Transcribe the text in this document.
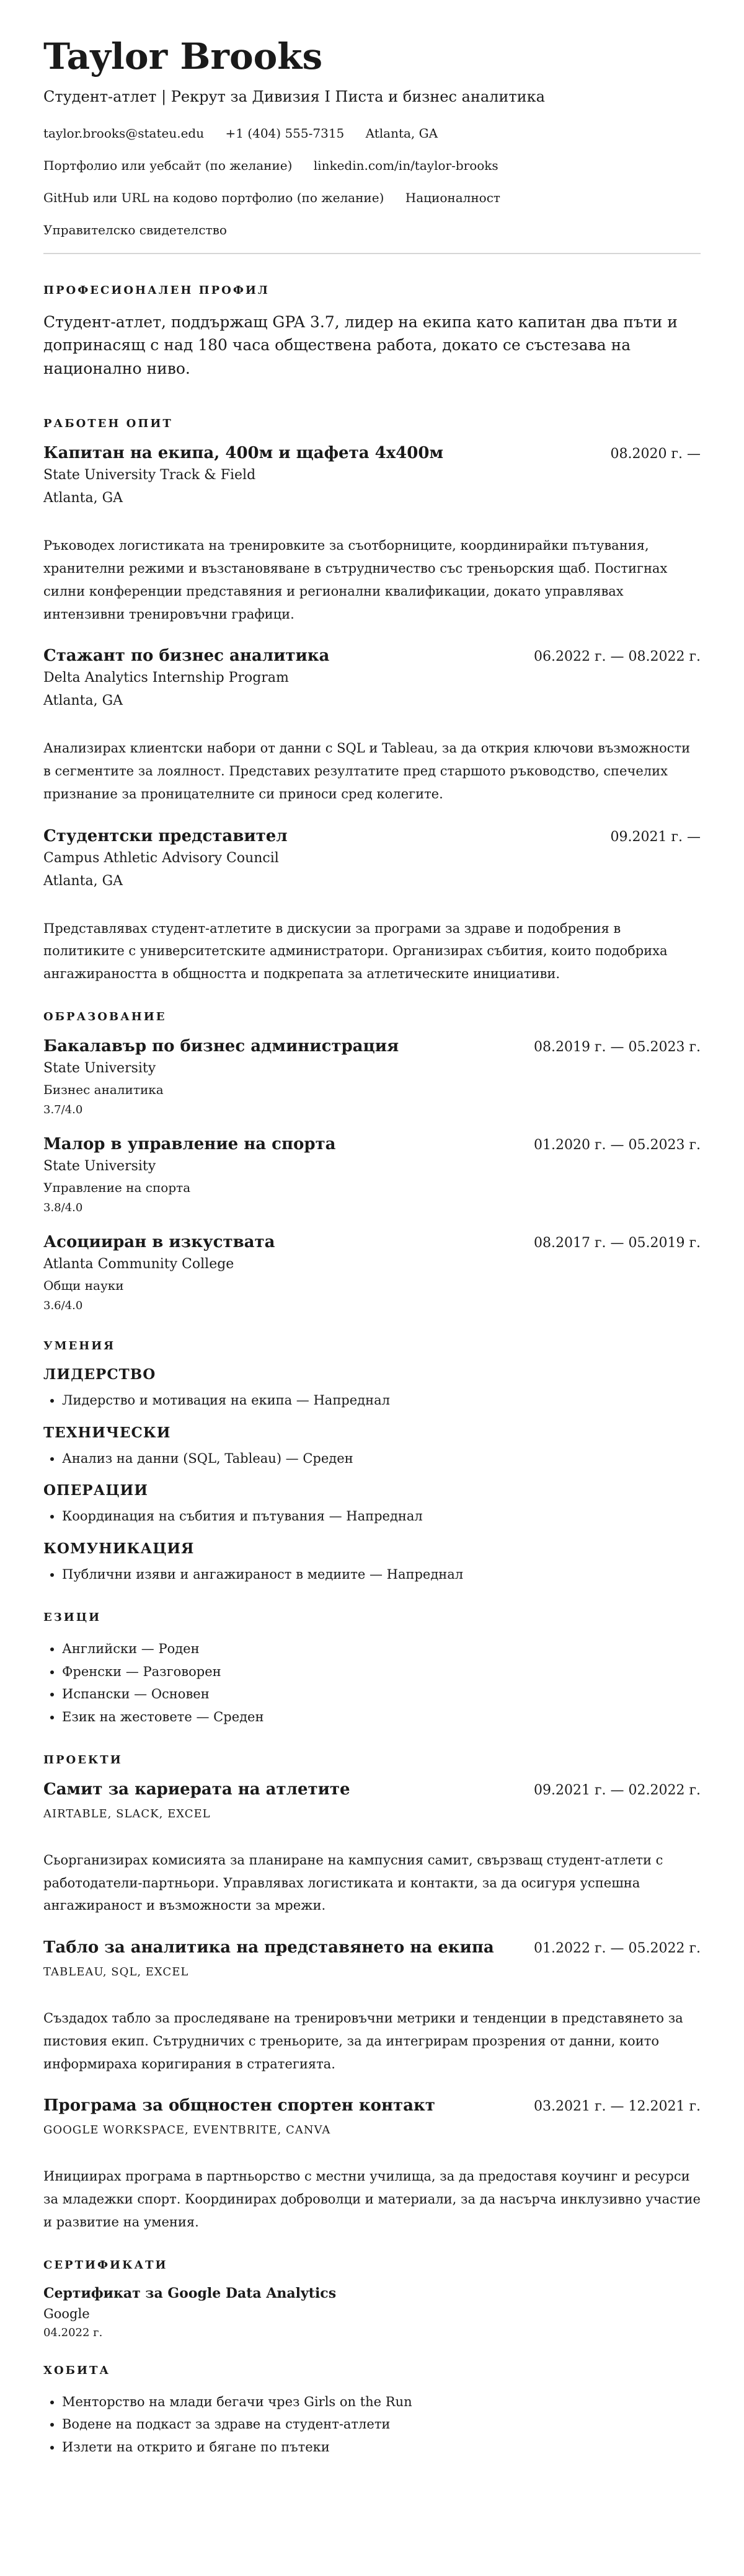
Taylor Brooks
Студент-атлет | Рекрут за Дивизия I Писта и бизнес аналитика
taylor.brooks@stateu.edu +1 (404) 555-7315 Atlanta, GA
Портфолио или уебсайт (по желание) linkedin.com/in/taylor-brooks
GitHub или URL на кодово портфолио (по желание) Националност
Управителско свидетелство
ПРОФЕСИОНАЛЕН ПРОФИЛ
Студент-атлет, поддържащ GPA 3.7, лидер на екипа като капитан два пъти и допринасящ с над 180 часа обществена работа, докато се състезава на национално ниво.
РАБОТЕН ОПИТ
Капитан на екипа, 400м и щафета 4x400м	08.2020 г. —
State University Track & Field
Atlanta, GA
Ръководех логистиката на тренировките за съотборниците, координирайки пътувания, хранителни режими и възстановяване в сътрудничество със треньорския щаб. Постигнах силни конференции представяния и регионални квалификации, докато управлявах интензивни тренировъчни графици.
Стажант по бизнес аналитика	06.2022 г. — 08.2022 г.
Delta Analytics Internship Program
Atlanta, GA
Анализирах клиентски набори от данни с SQL и Tableau, за да открия ключови възможности в сегментите за лоялност. Представих резултатите пред старшото ръководство, спечелих признание за проницателните си приноси сред колегите.
Студентски представител	09.2021 г. —
Campus Athletic Advisory Council
Atlanta, GA
Представлявах студент-атлетите в дискусии за програми за здраве и подобрения в политиките с университетските администратори. Организирах събития, които подобриха ангажираността в общността и подкрепата за атлетическите инициативи.
ОБРАЗОВАНИЕ
Бакалавър по бизнес администрация	08.2019 г. — 05.2023 г.
State University
Бизнес аналитика
3.7/4.0
Малор в управление на спорта	01.2020 г. — 05.2023 г.
State University
Управление на спорта
3.8/4.0
Асоцииран в изкуствата	08.2017 г. — 05.2019 г.
Atlanta Community College
Общи науки
3.6/4.0
УМЕНИЯ
ЛИДЕРСТВО
• Лидерство и мотивация на екипа — Напреднал
ТЕХНИЧЕСКИ
• Анализ на данни (SQL, Tableau) — Среден
ОПЕРАЦИИ
• Координация на събития и пътувания — Напреднал
КОМУНИКАЦИЯ
• Публични изяви и ангажираност в медиите — Напреднал
ЕЗИЦИ
• Английски — Роден
• Френски — Разговорен
• Испански — Основен
• Език на жестовете — Среден
ПРОЕКТИ
Самит за кариерата на атлетите	09.2021 г. — 02.2022 г.
AIRTABLE, SLACK, EXCEL
Сьорганизирах комисията за планиране на кампусния самит, свързващ студент-атлети с работодатели-партньори. Управлявах логистиката и контакти, за да осигуря успешна ангажираност и възможности за мрежи.
Табло за аналитика на представянето на екипа	01.2022 г. — 05.2022 г.
TABLEAU, SQL, EXCEL
Създадох табло за проследяване на тренировъчни метрики и тенденции в представянето за пистовия екип. Сътрудничих с треньорите, за да интегрирам прозрения от данни, които информираха коригирания в стратегията.
Програма за общностен спортен контакт	03.2021 г. — 12.2021 г.
GOOGLE WORKSPACE, EVENTBRITE, CANVA
Инициирах програма в партньорство с местни училища, за да предоставя коучинг и ресурси за младежки спорт. Координирах доброволци и материали, за да насърча инклузивно участие и развитие на умения.
СЕРТИФИКАТИ
Сертификат за Google Data Analytics
Google
04.2022 г.
ХОБИТА
• Менторство на млади бегачи чрез Girls on the Run
• Водене на подкаст за здраве на студент-атлети
• Излети на открито и бягане по пътеки
